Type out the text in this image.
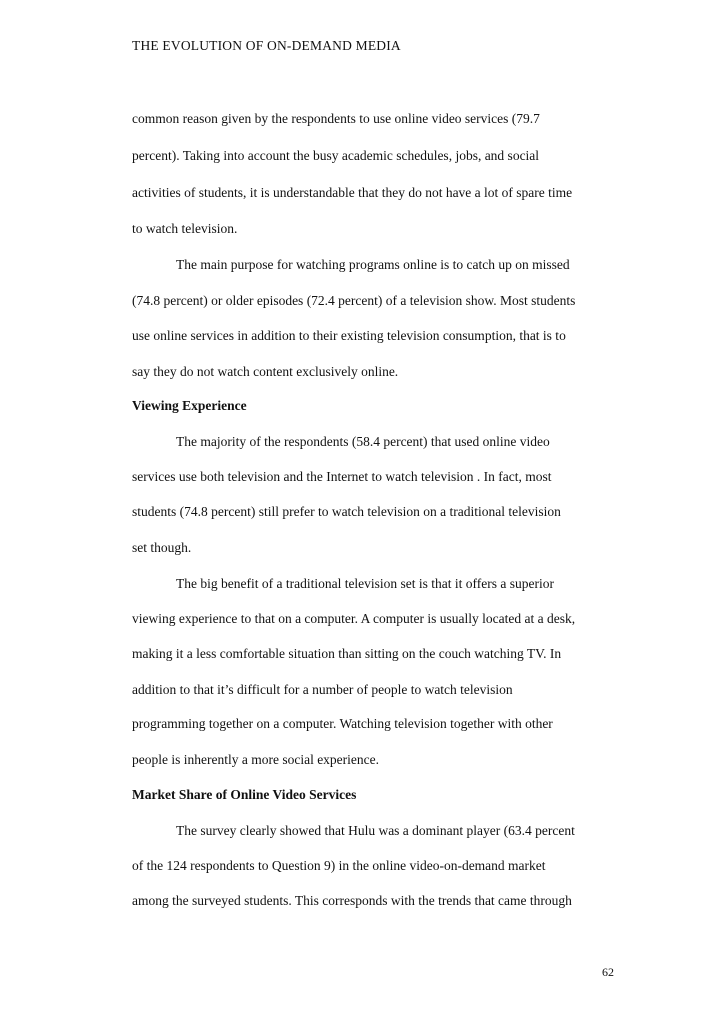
THE EVOLUTION OF ON-DEMAND MEDIA
common reason given by the respondents to use online video services (79.7
percent). Taking into account the busy academic schedules, jobs, and social
activities of students, it is understandable that they do not have a lot of spare time
to watch television.
The main purpose for watching programs online is to catch up on missed
(74.8 percent) or older episodes (72.4 percent) of a television show. Most students
use online services in addition to their existing television consumption, that is to
say they do not watch content exclusively online.
Viewing Experience
The majority of the respondents (58.4 percent) that used online video
services use both television and the Internet to watch television . In fact, most
students (74.8 percent) still prefer to watch television on a traditional television
set though.
The big benefit of a traditional television set is that it offers a superior
viewing experience to that on a computer. A computer is usually located at a desk,
making it a less comfortable situation than sitting on the couch watching TV. In
addition to that it’s difficult for a number of people to watch television
programming together on a computer. Watching television together with other
people is inherently a more social experience.
Market Share of Online Video Services
The survey clearly showed that Hulu was a dominant player (63.4 percent
of the 124 respondents to Question 9) in the online video-on-demand market
among the surveyed students. This corresponds with the trends that came through
62
